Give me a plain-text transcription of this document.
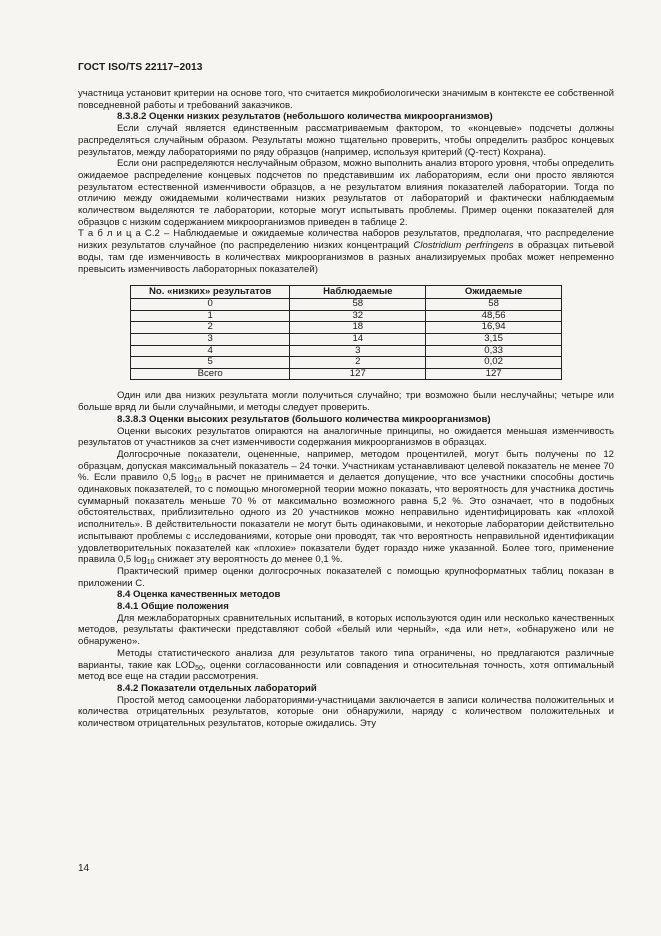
ГОСТ ISO/TS 22117−2013

участница установит критерии на основе того, что считается микробиологически значимым в контексте ее собственной повседневной работы и требований заказчиков.

8.3.8.2 Оценки низких результатов (небольшого количества микроорганизмов)

Если случай является единственным рассматриваемым фактором, то «концевые» подсчеты должны распределяться случайным образом. Результаты можно тщательно проверить, чтобы определить разброс концевых результатов, между лабораториями по ряду образцов (например, используя критерий (Q-тест) Кохрана).

Если они распределяются неслучайным образом, можно выполнить анализ второго уровня, чтобы определить ожидаемое распределение концевых подсчетов по представившим их лабораториям, если они просто являются результатом естественной изменчивости образцов, а не результатом влияния показателей лаборатории. Тогда по отличию между ожидаемыми количествами низких результатов от лабораторий и фактически наблюдаемым количеством выделяются те лаборатории, которые могут испытывать проблемы. Пример оценки показателей для образцов с низким содержанием микроорганизмов приведен в таблице 2.

Т а б л и ц а С.2 – Наблюдаемые и ожидаемые количества наборов результатов, предполагая, что распределение низких результатов случайное (по распределению низких концентраций Clostridium perfringens в образцах питьевой воды, там где изменчивость в количествах микроорганизмов в разных анализируемых пробах может непременно превысить изменчивость лабораторных показателей)

No. «низких» результатов	Наблюдаемые	Ожидаемые
0	58	58
1	32	48,56
2	18	16,94
3	14	3,15
4	3	0,33
5	2	0,02
Всего	127	127

Один или два низких результата могли получиться случайно; три возможно были неслучайны; четыре или больше вряд ли были случайными, и методы следует проверить.

8.3.8.3 Оценки высоких результатов (большого количества микроорганизмов)

Оценки высоких результатов опираются на аналогичные принципы, но ожидается меньшая изменчивость результатов от участников за счет изменчивости содержания микроорганизмов в образцах.

Долгосрочные показатели, оцененные, например, методом процентилей, могут быть получены по 12 образцам, допуская максимальный показатель – 24 точки. Участникам устанавливают целевой показатель не менее 70 %. Если правило 0,5 $\log_{10} в$ расчет не принимается и делается допущение, что все участники способны достичь одинаковых показателей, то с помощью многомерной теории можно показать, что вероятность для участника достичь суммарный показатель меньше 70 % от максимально возможного равна 5,2 %. Это означает, что в подобных обстоятельствах, приблизительно одного из 20 участников можно неправильно идентифицировать как «плохой исполнитель». В действительности показатели не могут быть одинаковыми, и некоторые лаборатории действительно испытывают проблемы с исследованиями, которые они проводят, так что вероятность неправильной идентификации удовлетворительных показателей как «плохие» показатели будет гораздо ниже указанной. Более того, применение правила 0,5 $\log_{10}$ снижает эту вероятность до менее 0,1 %.

Практический пример оценки долгосрочных показателей с помощью крупноформатных таблиц показан в приложении С.

8.4 Оценка качественных методов

8.4.1 Общие положения

Для межлабораторных сравнительных испытаний, в которых используются один или несколько качественных методов, результаты фактически представляют собой «белый или черный», «да или нет», «обнаружено или не обнаружено».

Методы статистического анализа для результатов такого типа ограничены, но предлагаются различные варианты, такие как $LOD_{50}$, оценки согласованности или совпадения и относительная точность, хотя оптимальный метод все еще на стадии рассмотрения.

8.4.2 Показатели отдельных лабораторий

Простой метод самооценки лабораториями-участницами заключается в записи количества положительных и количества отрицательных результатов, которые они обнаружили, наряду с количеством положительных и количеством отрицательных результатов, которые ожидались. Эту

14
